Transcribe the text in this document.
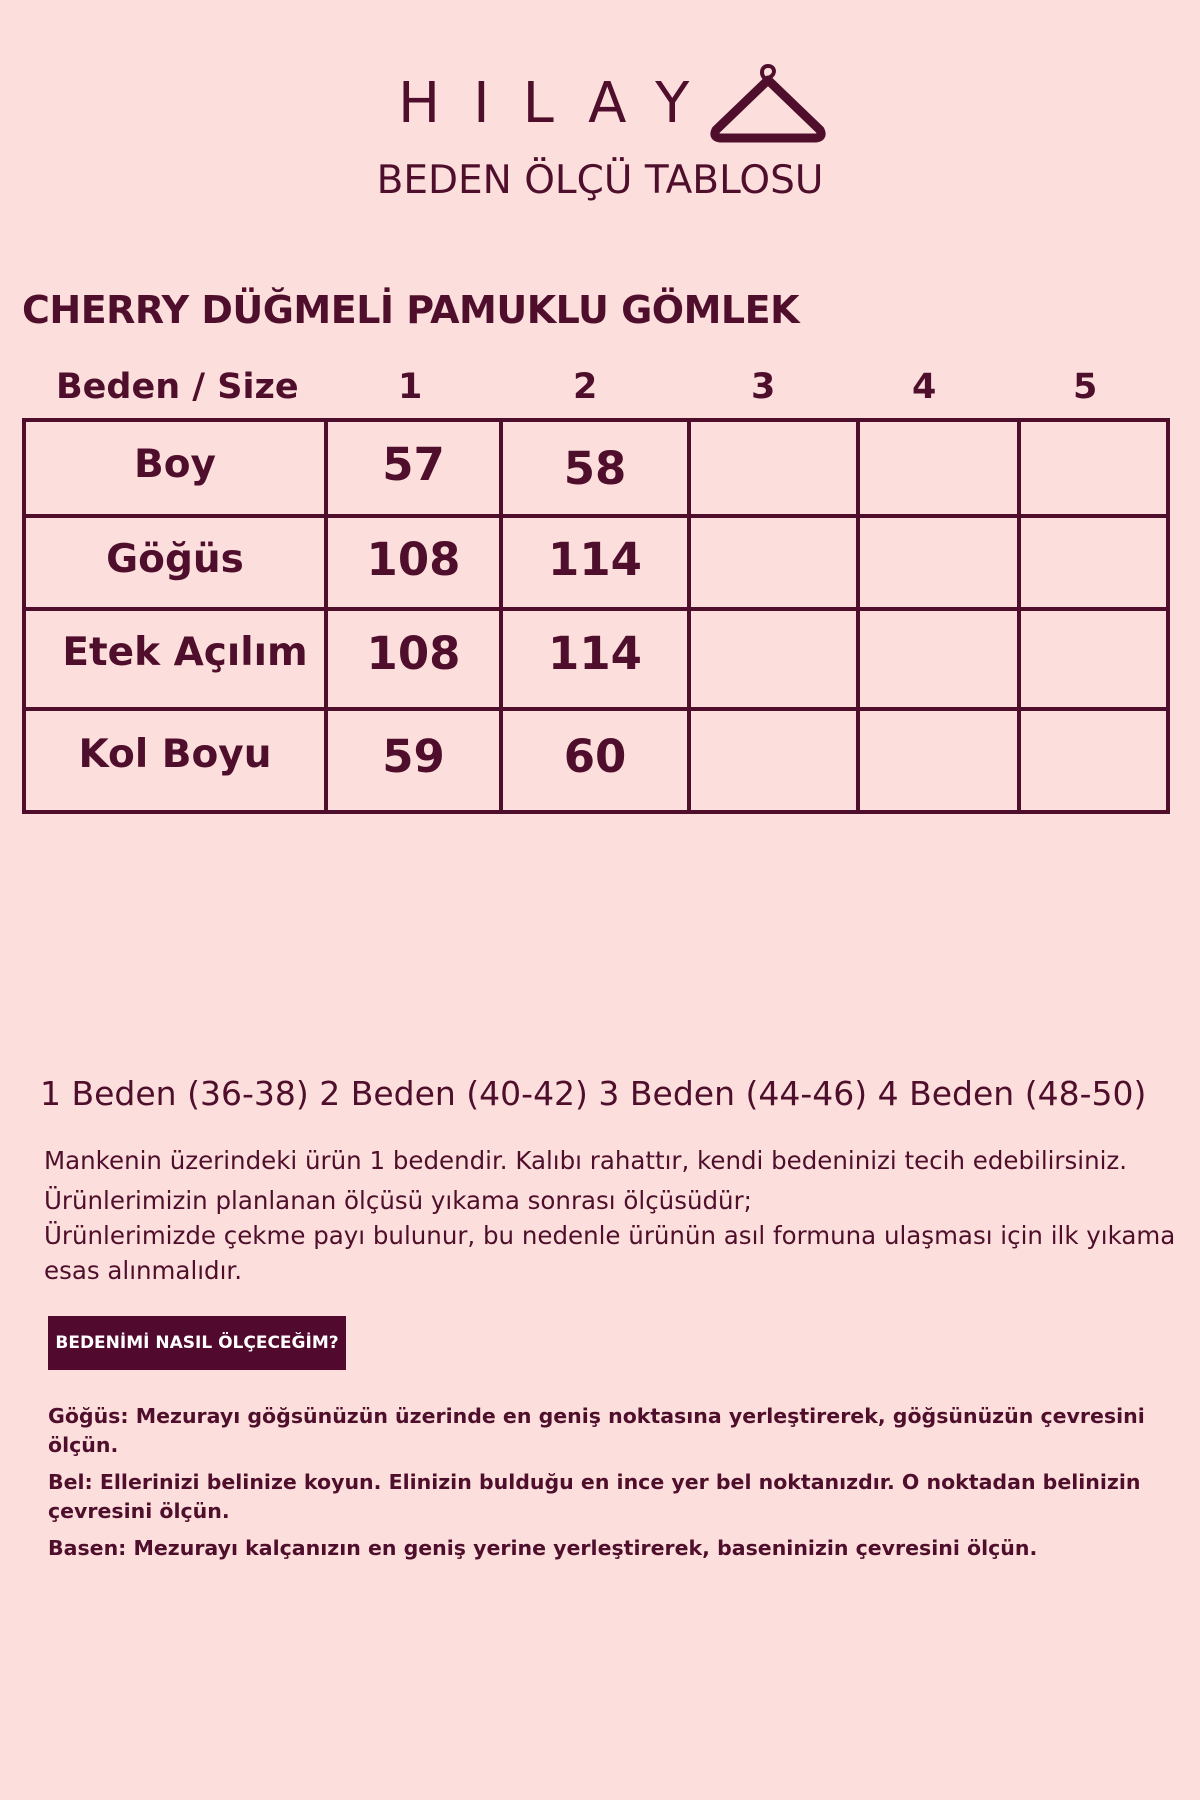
HILAY
BEDEN ÖLÇÜ TABLOSU
CHERRY DÜĞMELİ PAMUKLU GÖMLEK
Beden / Size	1	2	3	4	5
Boy	57	58
Göğüs	108	114
Etek Açılım	108	114
Kol Boyu	59	60
1 Beden (36-38) 2 Beden (40-42) 3 Beden (44-46) 4 Beden (48-50)

Mankenin üzerindeki ürün 1 bedendir. Kalıbı rahattır, kendi bedeninizi tecih edebilirsiniz.

Ürünlerimizin planlanan ölçüsü yıkama sonrası ölçüsüdür;

Ürünlerimizde çekme payı bulunur, bu nedenle ürünün asıl formuna ulaşması için ilk yıkama esas alınmalıdır.

BEDENİMİ NASIL ÖLÇECEĞİM?

Göğüs: Mezurayı göğsünüzün üzerinde en geniş noktasına yerleştirerek, göğsünüzün çevresini ölçün.

Bel: Ellerinizi belinize koyun. Elinizin bulduğu en ince yer bel noktanızdır. O noktadan belinizin çevresini ölçün.

Basen: Mezurayı kalçanızın en geniş yerine yerleştirerek, baseninizin çevresini ölçün.
